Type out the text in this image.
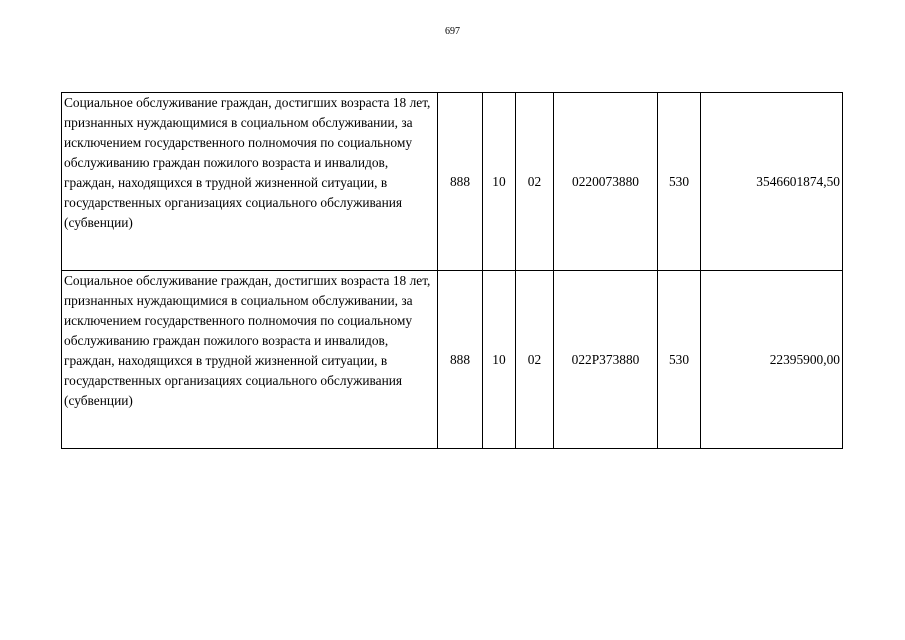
697
Социальное обслуживание граждан, достигших возраста 18 лет, признанных нуждающимися в социальном обслуживании, за исключением государственного полномочия по социальному обслуживанию граждан пожилого возраста и инвалидов, граждан, находящихся в трудной жизненной ситуации, в государственных организациях социального обслуживания (субвенции)	888	10	02	0220073880	530	3546601874,50
Социальное обслуживание граждан, достигших возраста 18 лет, признанных нуждающимися в социальном обслуживании, за исключением государственного полномочия по социальному обслуживанию граждан пожилого возраста и инвалидов, граждан, находящихся в трудной жизненной ситуации, в государственных организациях социального обслуживания (субвенции)	888	10	02	022P373880	530	22395900,00
